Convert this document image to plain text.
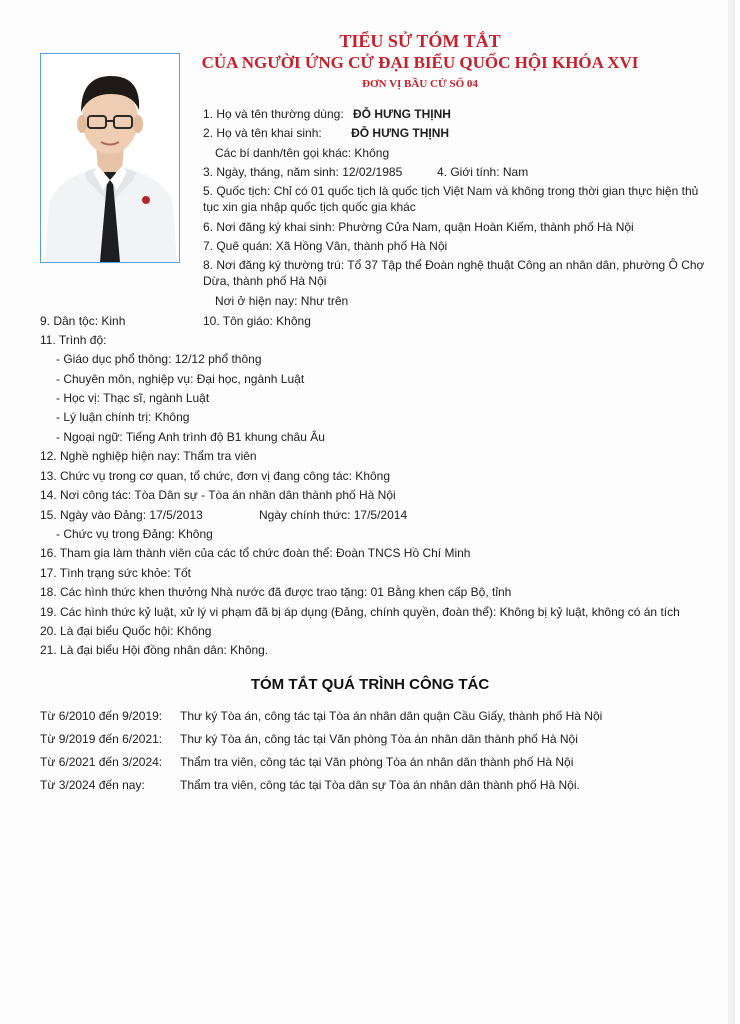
TIỂU SỬ TÓM TẮT
CỦA NGƯỜI ỨNG CỬ ĐẠI BIỂU QUỐC HỘI KHÓA XVI
ĐƠN VỊ BẦU CỬ SỐ 04
1. Họ và tên thường dùng: ĐỖ HƯNG THỊNH
2. Họ và tên khai sinh: ĐỖ HƯNG THỊNH
Các bí danh/tên gọi khác: Không
3. Ngày, tháng, năm sinh: 12/02/1985	4. Giới tính: Nam
5. Quốc tịch: Chỉ có 01 quốc tịch là quốc tịch Việt Nam và không trong thời gian thực hiện thủ
tục xin gia nhập quốc tịch quốc gia khác
6. Nơi đăng ký khai sinh: Phường Cửa Nam, quận Hoàn Kiếm, thành phố Hà Nội
7. Quê quán: Xã Hồng Vân, thành phố Hà Nội
8. Nơi đăng ký thường trú: Tổ 37 Tập thể Đoàn nghệ thuật Công an nhân dân, phường Ô Chợ
Dừa, thành phố Hà Nội
Nơi ở hiện nay: Như trên
9. Dân tộc: Kinh	10. Tôn giáo: Không
11. Trình độ:
- Giáo dục phổ thông: 12/12 phổ thông
- Chuyên môn, nghiệp vụ: Đại học, ngành Luật
- Học vị: Thạc sĩ, ngành Luật
- Lý luận chính trị: Không
- Ngoại ngữ: Tiếng Anh trình độ B1 khung châu Âu
12. Nghề nghiệp hiện nay: Thẩm tra viên
13. Chức vụ trong cơ quan, tổ chức, đơn vị đang công tác: Không
14. Nơi công tác: Tòa Dân sự - Tòa án nhân dân thành phố Hà Nội
15. Ngày vào Đảng: 17/5/2013	Ngày chính thức: 17/5/2014
- Chức vụ trong Đảng: Không
16. Tham gia làm thành viên của các tổ chức đoàn thể: Đoàn TNCS Hồ Chí Minh
17. Tình trạng sức khỏe: Tốt
18. Các hình thức khen thưởng Nhà nước đã được trao tặng: 01 Bằng khen cấp Bộ, tỉnh
19. Các hình thức kỷ luật, xử lý vi phạm đã bị áp dụng (Đảng, chính quyền, đoàn thể): Không bị kỷ luật, không có án tích
20. Là đại biểu Quốc hội: Không
21. Là đại biểu Hội đồng nhân dân: Không.
TÓM TẮT QUÁ TRÌNH CÔNG TÁC
Từ 6/2010 đến 9/2019: Thư ký Tòa án, công tác tại Tòa án nhân dân quận Cầu Giấy, thành phố Hà Nội
Từ 9/2019 đến 6/2021: Thư ký Tòa án, công tác tại Văn phòng Tòa án nhân dân thành phố Hà Nội
Từ 6/2021 đến 3/2024: Thẩm tra viên, công tác tại Văn phòng Tòa án nhân dân thành phố Hà Nội
Từ 3/2024 đến nay:	Thẩm tra viên, công tác tại Tòa dân sự Tòa án nhân dân thành phố Hà Nội.
